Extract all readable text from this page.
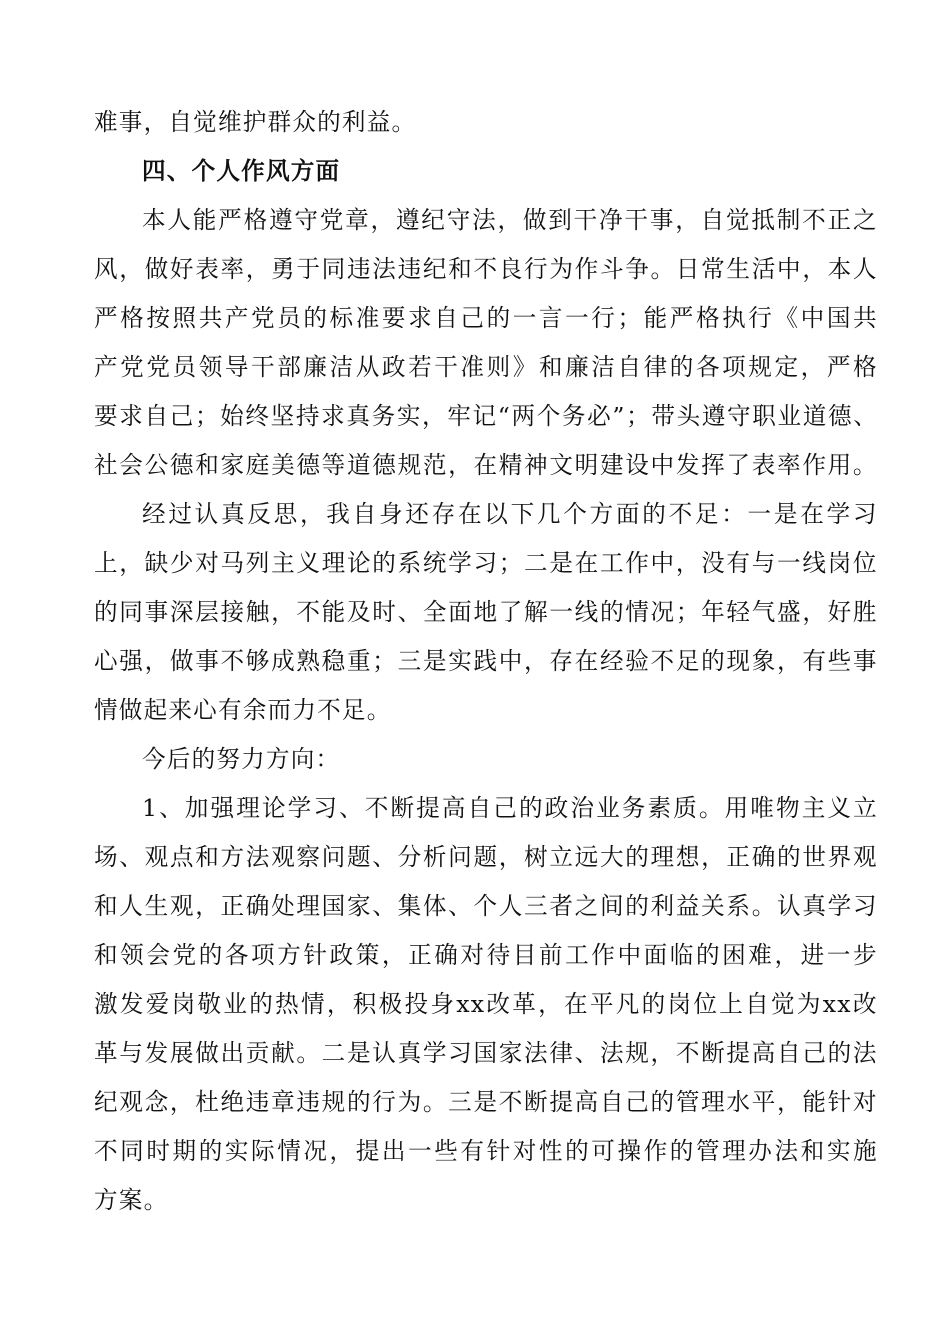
难事，自觉维护群众的利益。
四、个人作风方面
本 人 能 严 格 遵 守 党 章 ， 遵 纪 守 法 ， 做 到 干 净 干 事 ， 自 觉 抵 制 不 正 之
风 ， 做 好 表 率 ， 勇 于 同 违 法 违 纪 和 不 良 行 为 作 斗 争 。 日 常 生 活 中 ， 本 人
严 格 按 照 共 产 党 员 的 标 准 要 求 自 己 的 一 言 一 行 ； 能 严 格 执 行 《 中 国 共
产 党 党 员 领 导 干 部 廉 洁 从 政 若 干 准 则 》 和 廉 洁 自 律 的 各 项 规 定 ， 严 格
要 求 自 己 ； 始 终 坚 持 求 真 务 实 ， 牢 记 “ 两 个 务 必 ” ； 带 头 遵 守 职 业 道 德 、
社 会 公 德 和 家 庭 美 德 等 道 德 规 范 ， 在 精 神 文 明 建 设 中 发 挥 了 表 率 作 用 。
经 过 认 真 反 思 ， 我 自 身 还 存 在 以 下 几 个 方 面 的 不 足 ： 一 是 在 学 习
上 ， 缺 少 对 马 列 主 义 理 论 的 系 统 学 习 ； 二 是 在 工 作 中 ， 没 有 与 一 线 岗 位
的 同 事 深 层 接 触 ， 不 能 及 时 、 全 面 地 了 解 一 线 的 情 况 ； 年 轻 气 盛 ， 好 胜
心 强 ， 做 事 不 够 成 熟 稳 重 ； 三 是 实 践 中 ， 存 在 经 验 不 足 的 现 象 ， 有 些 事
情做起来心有余而力不足。
今后的努力方向：
1 、 加 强 理 论 学 习 、 不 断 提 高 自 己 的 政 治 业 务 素 质 。 用 唯 物 主 义 立
场 、 观 点 和 方 法 观 察 问 题 、 分 析 问 题 ， 树 立 远 大 的 理 想 ， 正 确 的 世 界 观
和 人 生 观 ， 正 确 处 理 国 家 、 集 体 、 个 人 三 者 之 间 的 利 益 关 系 。 认 真 学 习
和 领 会 党 的 各 项 方 针 政 策 ， 正 确 对 待 目 前 工 作 中 面 临 的 困 难 ， 进 一 步
激 发 爱 岗 敬 业 的 热 情 ， 积 极 投 身 xx 改 革 ， 在 平 凡 的 岗 位 上 自 觉 为 xx 改
革 与 发 展 做 出 贡 献 。 二 是 认 真 学 习 国 家 法 律 、 法 规 ， 不 断 提 高 自 己 的 法
纪 观 念 ， 杜 绝 违 章 违 规 的 行 为 。 三 是 不 断 提 高 自 己 的 管 理 水 平 ， 能 针 对
不 同 时 期 的 实 际 情 况 ， 提 出 一 些 有 针 对 性 的 可 操 作 的 管 理 办 法 和 实 施
方案。
